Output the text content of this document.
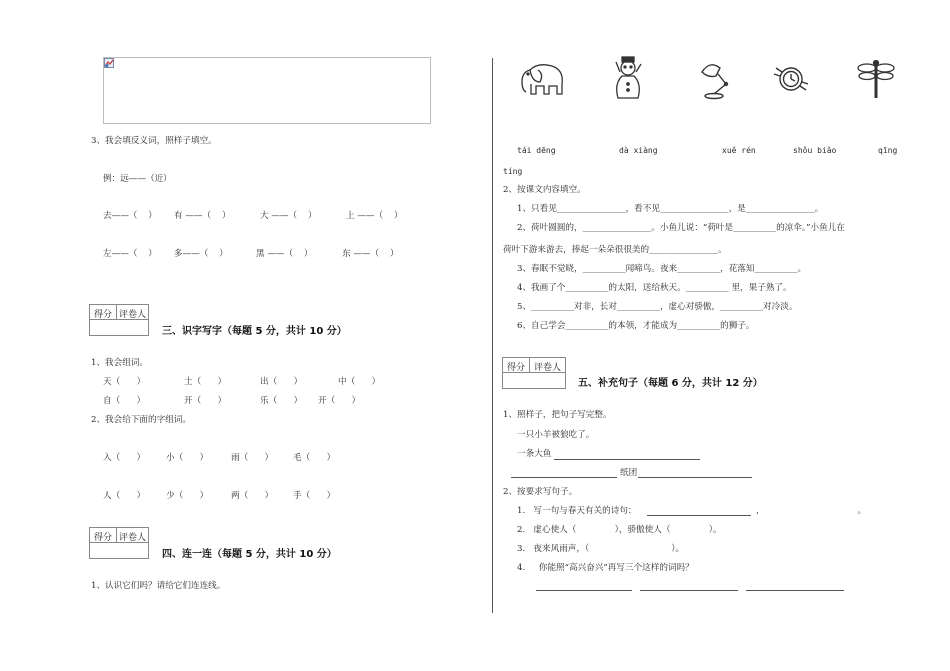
3、我会填反义词，照样子填空。
例：远——（近）
去——（    ） 有 ——（    ）	大 ——（    ）	上 ——（    ）
左——（    ） 多——（    ）	黑 ——（    ）	东 ——（    ）
得分 评卷人
三、识字写字（每题 5 分，共计 10 分）
1、我会组词。
天（      ）	土（      ）	出（      ）	中（      ）
自（      ）	开（      ）	乐（      ） 开（      ）
2、我会给下面的字组词。
入（      ） 小（      ）	雨（      ） 毛（      ）
人（      ） 少（      ）	两（      ） 手（      ）
得分 评卷人
四、连一连（每题 5 分，共计 10 分）
1、认识它们吗？请给它们连连线。
tái dēng	dà xiàng	xuě rén	shǒu biǎo	qīng
tíng
2、按课文内容填空。
1、只看见________________，看不见________________，是________________。
2、荷叶圆圆的，________________。小鱼儿说：“荷叶是__________的凉伞。”小鱼儿在
荷叶下游来游去，捧起一朵朵很很美的________________。
3、春眠不觉晓，__________闻啼鸟。夜来__________，花落知__________。
4、我画了个__________的太阳，送给秋天。__________ 里，果子熟了。
5、__________对非，长对__________，虚心对骄傲，__________对冷淡。
6、自己学会__________的本领，才能成为__________的狮子。
得分 评卷人
五、补充句子（每题 6 分，共计 12 分）
1、照样子，把句子写完整。
一只小羊被狼吃了。
一条大鱼
纸团
2、按要求写句子。
1.   写一句与春天有关的诗句：	，                                  。
2.   虚心使人（              ），骄傲使人（              ）。
3.   夜来风雨声，（                              ）。
4.     你能照“高兴奋兴”再写三个这样的词吗？
